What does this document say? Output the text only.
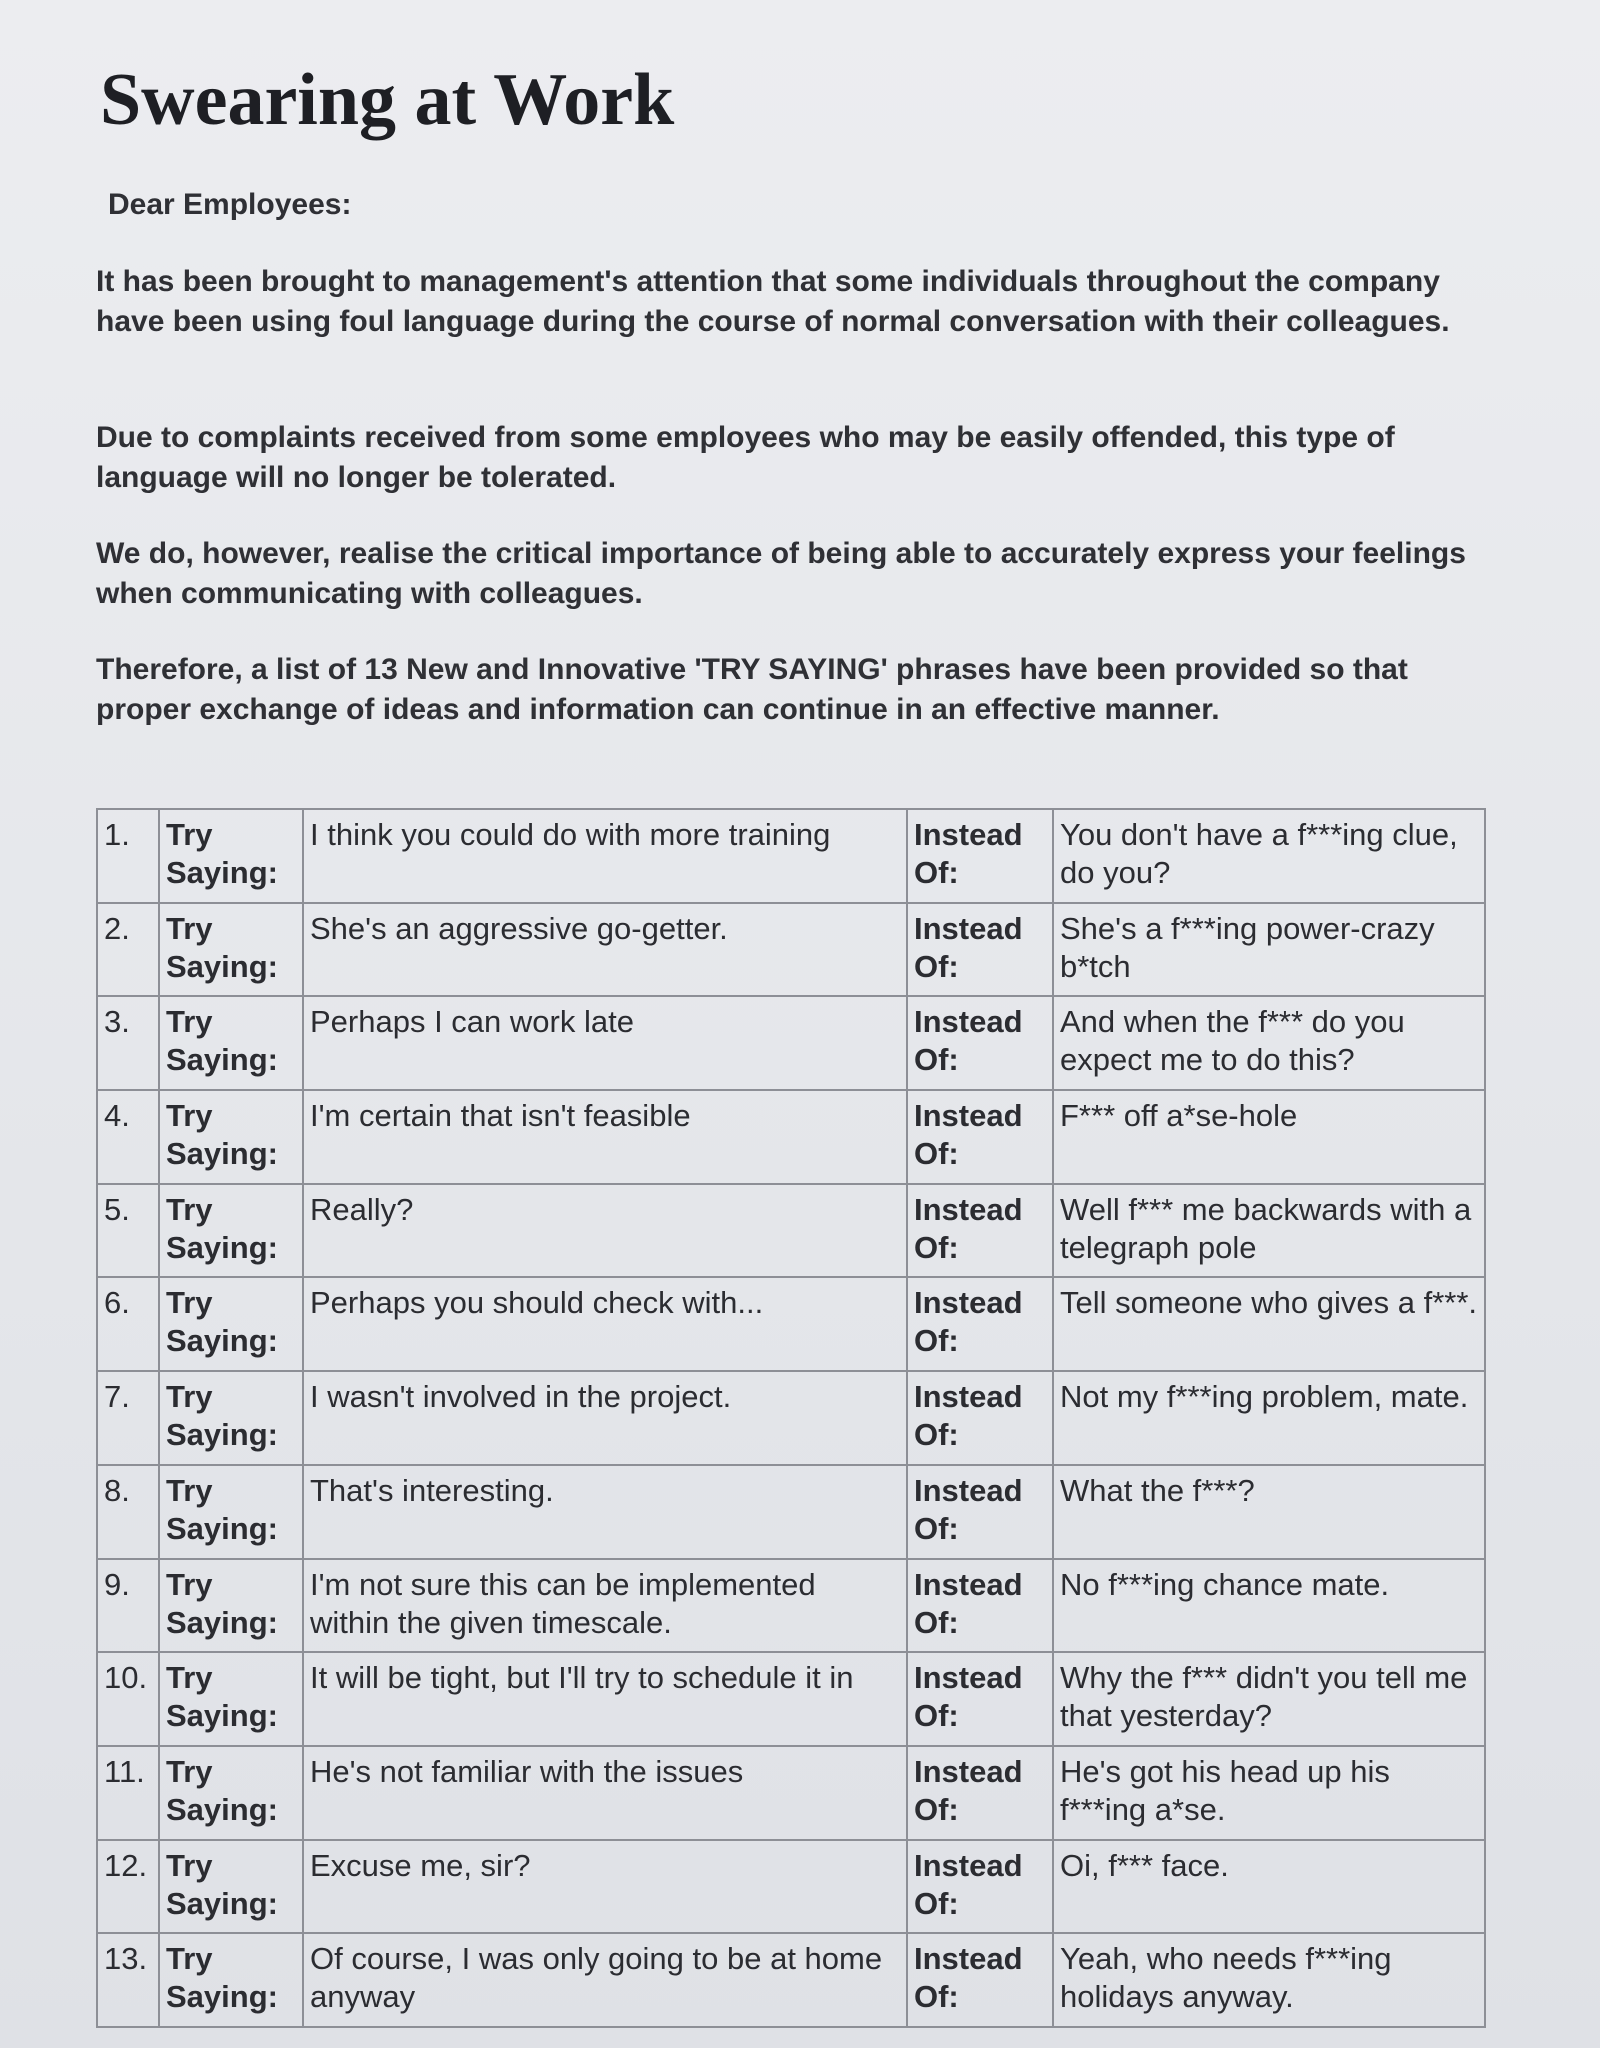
Swearing at Work

Dear Employees:

It has been brought to management's attention that some individuals throughout the company have been using foul language during the course of normal conversation with their colleagues.

Due to complaints received from some employees who may be easily offended, this type of language will no longer be tolerated.

We do, however, realise the critical importance of being able to accurately express your feelings when communicating with colleagues.

Therefore, a list of 13 New and Innovative 'TRY SAYING' phrases have been provided so that proper exchange of ideas and information can continue in an effective manner.

1.	Try
Saying:	I think you could do with more training	Instead
Of:	You don't have a f***ing clue, do you?
2.	Try
Saying:	She's an aggressive go-getter.	Instead
Of:	She's a f***ing power-crazy b*tch
3.	Try
Saying:	Perhaps I can work late	Instead
Of:	And when the f*** do you expect me to do this?
4.	Try
Saying:	I'm certain that isn't feasible	Instead
Of:	F*** off a*se-hole
5.	Try
Saying:	Really?	Instead
Of:	Well f*** me backwards with a telegraph pole
6.	Try
Saying:	Perhaps you should check with...	Instead
Of:	Tell someone who gives a f***.
7.	Try
Saying:	I wasn't involved in the project.	Instead
Of:	Not my f***ing problem, mate.
8.	Try
Saying:	That's interesting.	Instead
Of:	What the f***?
9.	Try
Saying:	I'm not sure this can be implemented within the given timescale.	Instead
Of:	No f***ing chance mate.
10.	Try
Saying:	It will be tight, but I'll try to schedule it in	Instead
Of:	Why the f*** didn't you tell me that yesterday?
11.	Try
Saying:	He's not familiar with the issues	Instead
Of:	He's got his head up his f***ing a*se.
12.	Try
Saying:	Excuse me, sir?	Instead
Of:	Oi, f*** face.
13.	Try
Saying:	Of course, I was only going to be at home anyway	Instead
Of:	Yeah, who needs f***ing holidays anyway.
